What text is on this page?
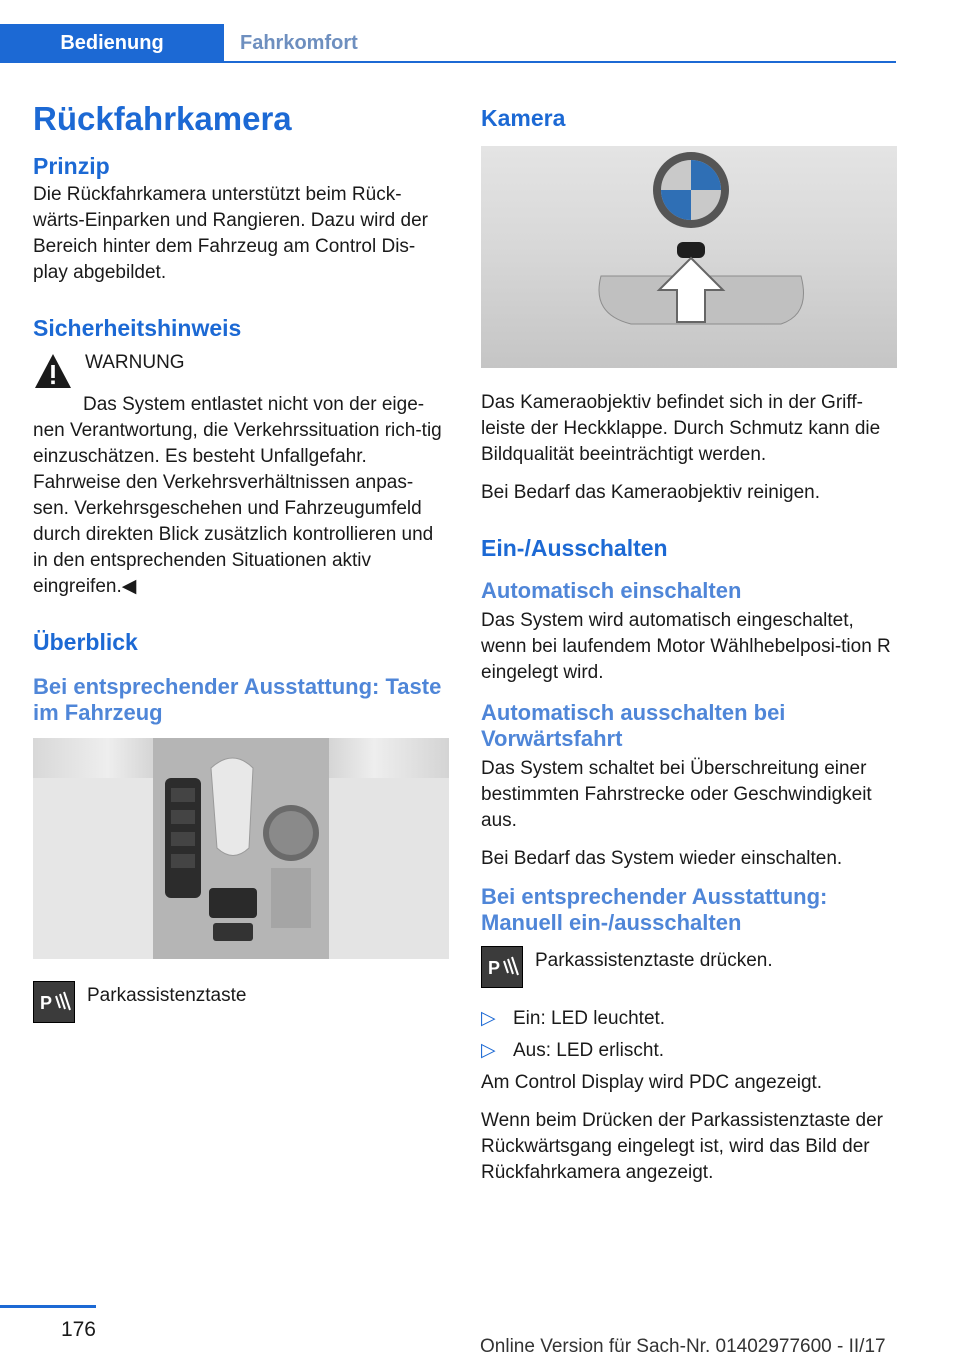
Bedienung	Fahrkomfort
Rückfahrkamera
Prinzip

Die Rückfahrkamera unterstützt beim Rück‐wärts-Einparken und Rangieren. Dazu wird der Bereich hinter dem Fahrzeug am Control Dis‐play abgebildet.

Sicherheitshinweis
WARNUNG

Das System entlastet nicht von der eige‐nen Verantwortung, die Verkehrssituation rich‐tig einzuschätzen. Es besteht Unfallgefahr. Fahrweise den Verkehrsverhältnissen anpas‐sen. Verkehrsgeschehen und Fahrzeugumfeld durch direkten Blick zusätzlich kontrollieren und in den entsprechenden Situationen aktiv eingreifen.◀

Überblick
Bei entsprechender Ausstattung: Taste im Fahrzeug
P Parkassistenztaste
Kamera

Das Kameraobjektiv befindet sich in der Griff‐leiste der Heckklappe. Durch Schmutz kann die Bildqualität beeinträchtigt werden.

Bei Bedarf das Kameraobjektiv reinigen.

Ein-/Ausschalten
Automatisch einschalten

Das System wird automatisch eingeschaltet, wenn bei laufendem Motor Wählhebelposi‐tion R eingelegt wird.

Automatisch ausschalten bei Vorwärtsfahrt

Das System schaltet bei Überschreitung einer bestimmten Fahrstrecke oder Geschwindigkeit aus.

Bei Bedarf das System wieder einschalten.

Bei entsprechender Ausstattung: Manuell ein-/ausschalten
P Parkassistenztaste drücken.
▷ Ein: LED leuchtet.
▷ Aus: LED erlischt.

Am Control Display wird PDC angezeigt.

Wenn beim Drücken der Parkassistenztaste der Rückwärtsgang eingelegt ist, wird das Bild der Rückfahrkamera angezeigt.

176
Online Version für Sach-Nr. 01402977600 - II/17
